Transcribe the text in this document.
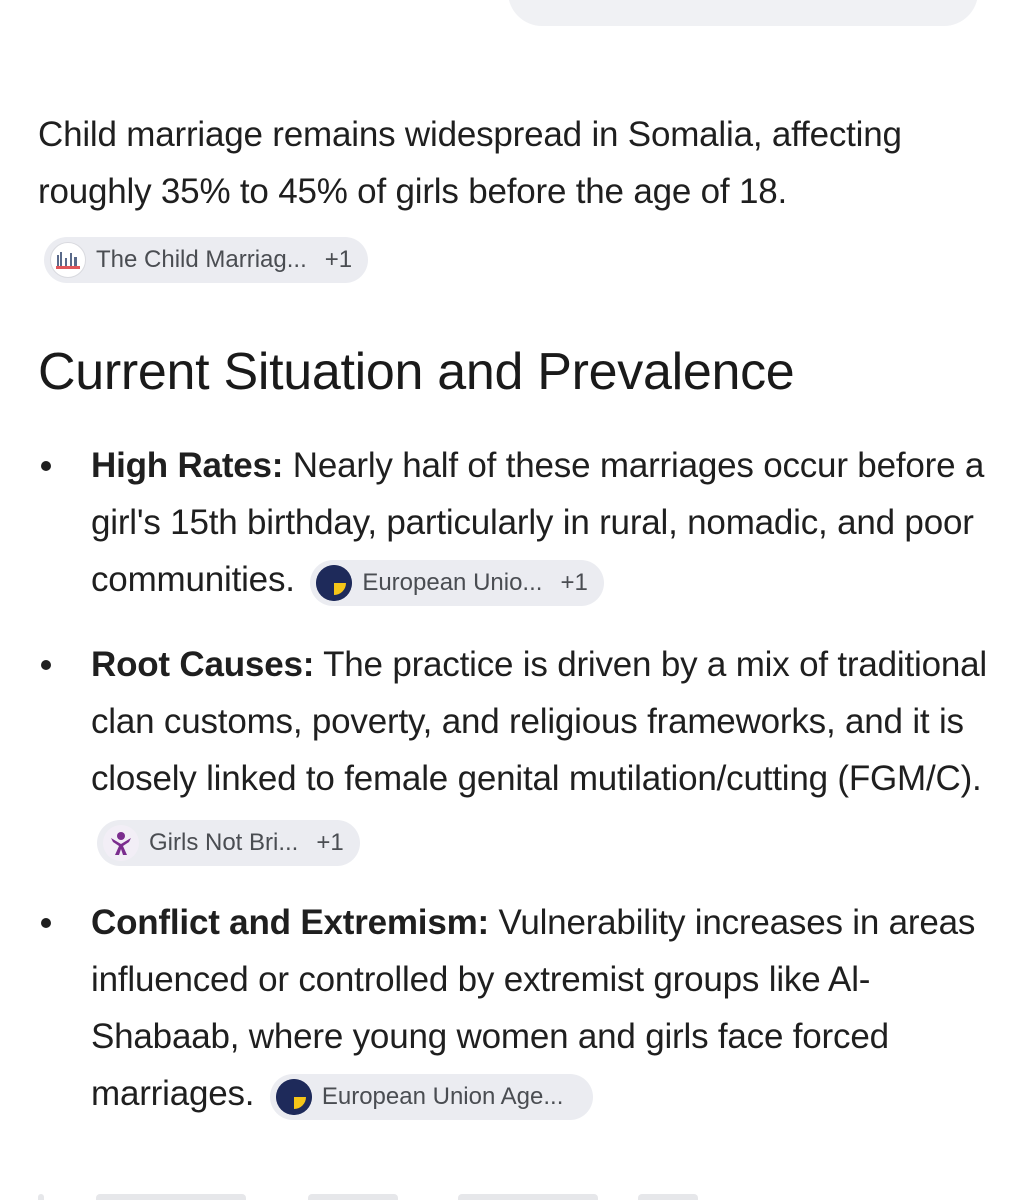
Child marriage remains widespread in Somalia, affecting roughly 35% to 45% of girls before the age of 18.
The Child Marriag... +1

Current Situation and Prevalence
High Rates: Nearly half of these marriages occur before a girl's 15th birthday, particularly in rural, nomadic, and poor communities.	European Unio... +1
Root Causes: The practice is driven by a mix of traditional clan customs, poverty, and religious frameworks, and it is closely linked to female genital mutilation/cutting (FGM/C).
Girls Not Bri... +1
Conflict and Extremism: Vulnerability increases in areas influenced or controlled by extremist groups like Al-Shabaab, where young women and girls face forced marriages.	European Union Age...
